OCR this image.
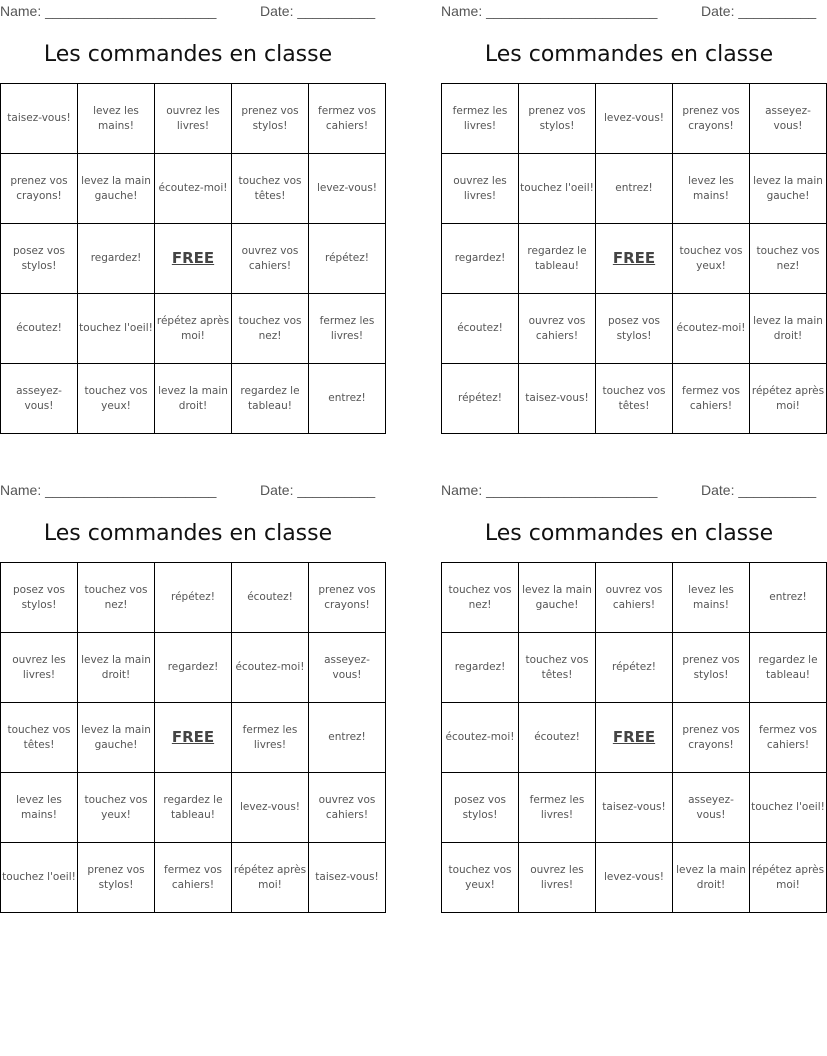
Name: ______________________	Date: __________
Les commandes en classe
taisez-vous!	levez les mains!	ouvrez les livres!	prenez vos stylos!	fermez vos cahiers!
prenez vos crayons!	levez la main gauche!	écoutez-moi!	touchez vos têtes!	levez-vous!
posez vos stylos!	regardez!	FREE	ouvrez vos cahiers!	répétez!
écoutez!	touchez l'oeil!	répétez après moi!	touchez vos nez!	fermez les livres!
asseyez-vous!	touchez vos yeux!	levez la main droit!	regardez le tableau!	entrez!
Name: ______________________	Date: __________
Les commandes en classe
fermez les livres!	prenez vos stylos!	levez-vous!	prenez vos crayons!	asseyez-vous!
ouvrez les livres!	touchez l'oeil!	entrez!	levez les mains!	levez la main gauche!
regardez!	regardez le tableau!	FREE	touchez vos yeux!	touchez vos nez!
écoutez!	ouvrez vos cahiers!	posez vos stylos!	écoutez-moi!	levez la main droit!
répétez!	taisez-vous!	touchez vos têtes!	fermez vos cahiers!	répétez après moi!
Name: ______________________	Date: __________
Les commandes en classe
posez vos stylos!	touchez vos nez!	répétez!	écoutez!	prenez vos crayons!
ouvrez les livres!	levez la main droit!	regardez!	écoutez-moi!	asseyez-vous!
touchez vos têtes!	levez la main gauche!	FREE	fermez les livres!	entrez!
levez les mains!	touchez vos yeux!	regardez le tableau!	levez-vous!	ouvrez vos cahiers!
touchez l'oeil!	prenez vos stylos!	fermez vos cahiers!	répétez après moi!	taisez-vous!
Name: ______________________	Date: __________
Les commandes en classe
touchez vos nez!	levez la main gauche!	ouvrez vos cahiers!	levez les mains!	entrez!
regardez!	touchez vos têtes!	répétez!	prenez vos stylos!	regardez le tableau!
écoutez-moi!	écoutez!	FREE	prenez vos crayons!	fermez vos cahiers!
posez vos stylos!	fermez les livres!	taisez-vous!	asseyez-vous!	touchez l'oeil!
touchez vos yeux!	ouvrez les livres!	levez-vous!	levez la main droit!	répétez après moi!
